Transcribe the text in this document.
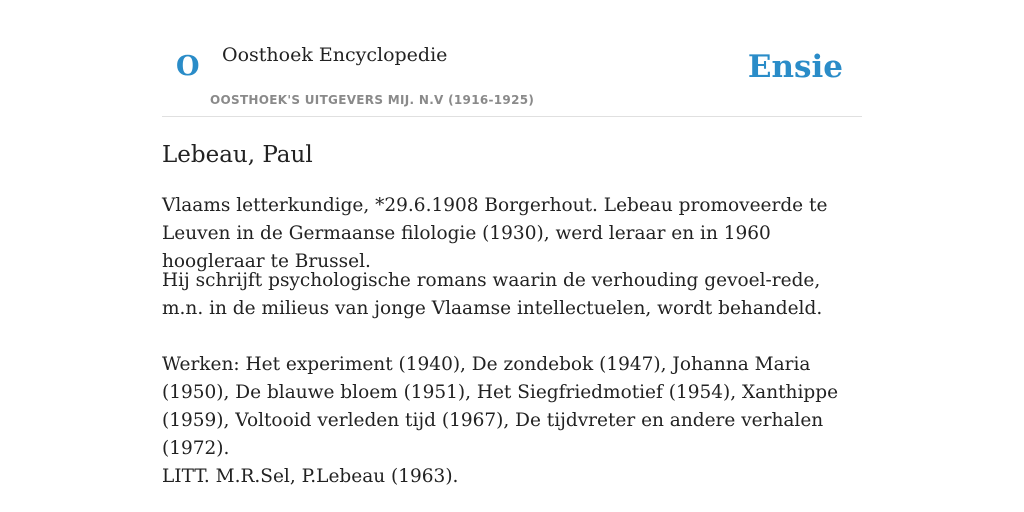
O Oosthoek Encyclopedie
OOSTHOEK'S UITGEVERS MIJ. N.V (1916-1925)
Ensie
Lebeau, Paul

Vlaams letterkundige, *29.6.1908 Borgerhout. Lebeau promoveerde te Leuven in de Germaanse filologie (1930), werd leraar en in 1960 hoogleraar te Brussel.

Hij schrijft psychologische romans waarin de verhouding gevoel-rede, m.n. in de milieus van jonge Vlaamse intellectuelen, wordt behandeld.

Werken: Het experiment (1940), De zondebok (1947), Johanna Maria (1950), De blauwe bloem (1951), Het Siegfriedmotief (1954), Xanthippe (1959), Voltooid verleden tijd (1967), De tijdvreter en andere verhalen (1972).

LITT. M.R.Sel, P.Lebeau (1963).
